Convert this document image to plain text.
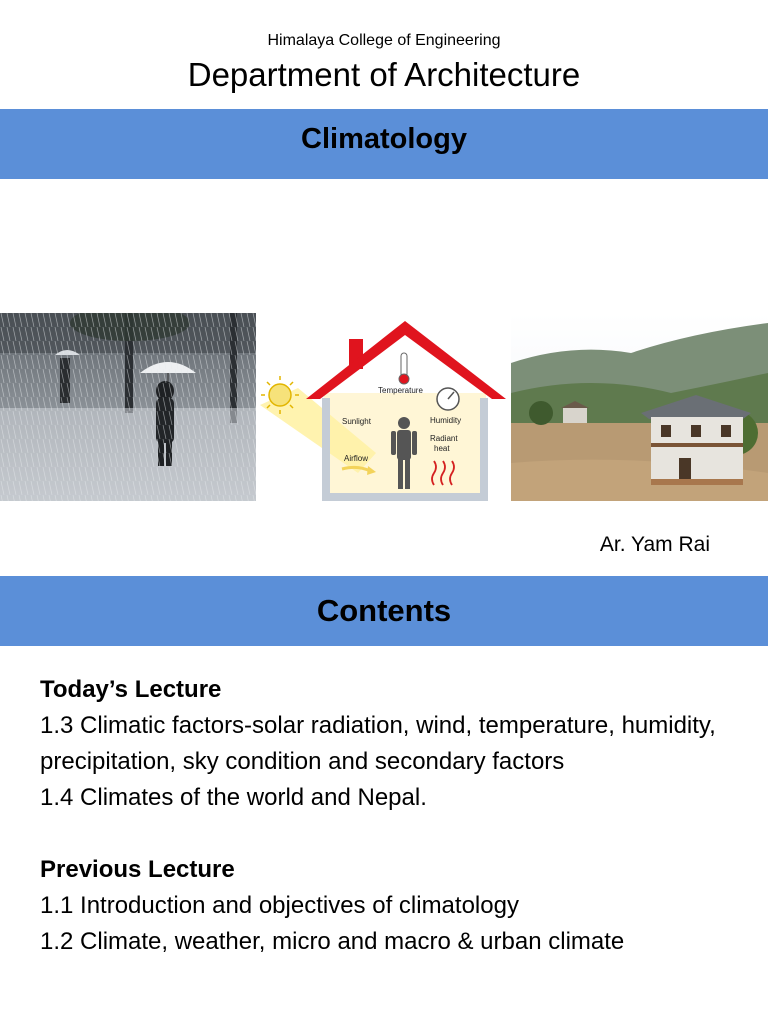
Himalaya College of Engineering
Department of Architecture
Climatology
Temperature
Sunlight	Humidity
Airflow
Radiant
heat
Ar. Yam Rai
Contents
Today’s Lecture
1.3 Climatic factors-solar radiation, wind, temperature, humidity, precipitation, sky condition and secondary factors
1.4 Climates of the world and Nepal.
Previous Lecture
1.1 Introduction and objectives of climatology
1.2 Climate, weather, micro and macro & urban climate
